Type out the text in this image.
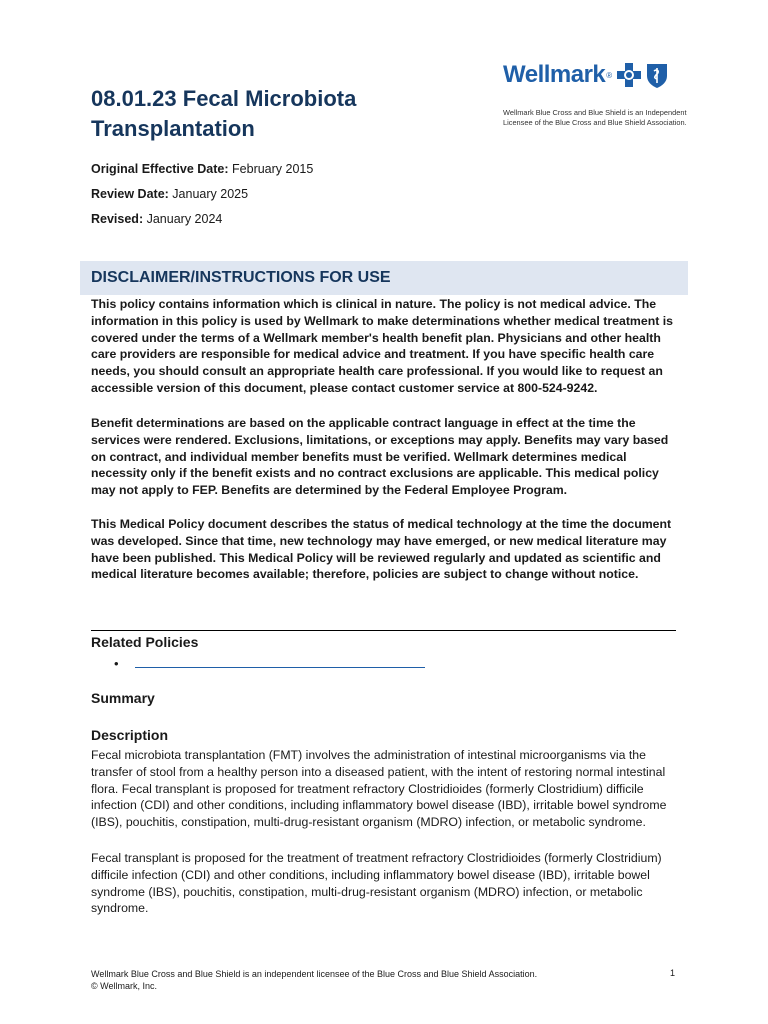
08.01.23 Fecal Microbiota Transplantation
Wellmark ®
Wellmark Blue Cross and Blue Shield is an Independent Licensee of the Blue Cross and Blue Shield Association.
Original Effective Date: February 2015
Review Date: January 2025
Revised: January 2024
DISCLAIMER/INSTRUCTIONS FOR USE

This policy contains information which is clinical in nature. The policy is not medical advice. The information in this policy is used by Wellmark to make determinations whether medical treatment is covered under the terms of a Wellmark member's health benefit plan. Physicians and other health care providers are responsible for medical advice and treatment. If you have specific health care needs, you should consult an appropriate health care professional. If you would like to request an accessible version of this document, please contact customer service at 800-524-9242.

Benefit determinations are based on the applicable contract language in effect at the time the services were rendered. Exclusions, limitations, or exceptions may apply. Benefits may vary based on contract, and individual member benefits must be verified. Wellmark determines medical necessity only if the benefit exists and no contract exclusions are applicable. This medical policy may not apply to FEP. Benefits are determined by the Federal Employee Program.

This Medical Policy document describes the status of medical technology at the time the document was developed. Since that time, new technology may have emerged, or new medical literature may have been published. This Medical Policy will be reviewed regularly and updated as scientific and medical literature becomes available; therefore, policies are subject to change without notice.

Related Policies
•
Summary
Description

Fecal microbiota transplantation (FMT) involves the administration of intestinal microorganisms via the transfer of stool from a healthy person into a diseased patient, with the intent of restoring normal intestinal flora. Fecal transplant is proposed for treatment refractory Clostridioides (formerly Clostridium) difficile infection (CDI) and other conditions, including inflammatory bowel disease (IBD), irritable bowel syndrome (IBS), pouchitis, constipation, multi-drug-resistant organism (MDRO) infection, or metabolic syndrome.

Fecal transplant is proposed for the treatment of treatment refractory Clostridioides (formerly Clostridium) difficile infection (CDI) and other conditions, including inflammatory bowel disease (IBD), irritable bowel syndrome (IBS), pouchitis, constipation, multi-drug-resistant organism (MDRO) infection, or metabolic syndrome.

Wellmark Blue Cross and Blue Shield is an independent licensee of the Blue Cross and Blue Shield Association.
© Wellmark, Inc.
1
